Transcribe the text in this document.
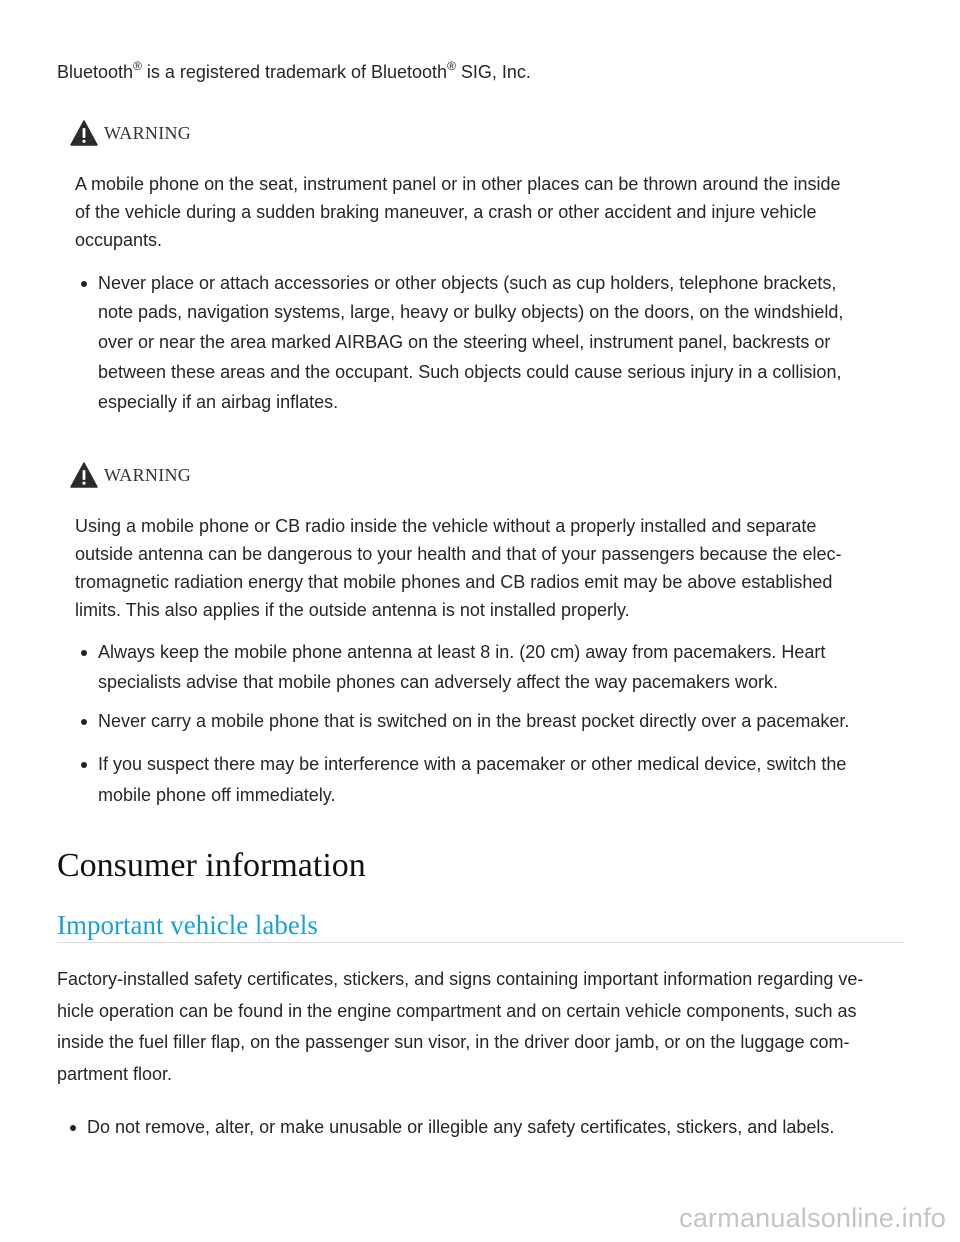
Bluetooth® is a registered trademark of Bluetooth® SIG, Inc.
WARNING
A mobile phone on the seat, instrument panel or in other places can be thrown around the inside
of the vehicle during a sudden braking maneuver, a crash or other accident and injure vehicle
occupants.
Never place or attach accessories or other objects (such as cup holders, telephone brackets,
note pads, navigation systems, large, heavy or bulky objects) on the doors, on the windshield,
over or near the area marked AIRBAG on the steering wheel, instrument panel, backrests or
between these areas and the occupant. Such objects could cause serious injury in a collision,
especially if an airbag inflates.
WARNING
Using a mobile phone or CB radio inside the vehicle without a properly installed and separate
outside antenna can be dangerous to your health and that of your passengers because the elec-
tromagnetic radiation energy that mobile phones and CB radios emit may be above established
limits. This also applies if the outside antenna is not installed properly.
Always keep the mobile phone antenna at least 8 in. (20 cm) away from pacemakers. Heart
specialists advise that mobile phones can adversely affect the way pacemakers work.
Never carry a mobile phone that is switched on in the breast pocket directly over a pacemaker.
If you suspect there may be interference with a pacemaker or other medical device, switch the
mobile phone off immediately.
Consumer information
Important vehicle labels
Factory-installed safety certificates, stickers, and signs containing important information regarding ve-
hicle operation can be found in the engine compartment and on certain vehicle components, such as
inside the fuel filler flap, on the passenger sun visor, in the driver door jamb, or on the luggage com-
partment floor.
Do not remove, alter, or make unusable or illegible any safety certificates, stickers, and labels.
carmanualsonline.info
